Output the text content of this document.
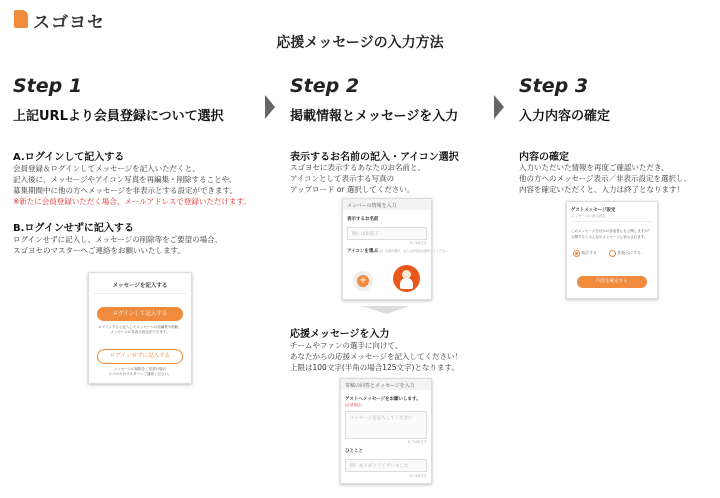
スゴヨセ
応援メッセージの入力方法
Step 1
上記URLより会員登録について選択
Step 2
掲載情報とメッセージを入力
Step 3
入力内容の確定
A.ログインして記入する
会員登録＆ログインしてメッセージを記入いただくと、
記入後に、メッセージやアイコン写真を再編集・削除することや、
募集期間中に他の方へメッセージを非表示とする設定ができます。
※新たに会員登録いただく場合、メールアドレスで登録いただけます。
B.ログインせずに記入する
ログインせずに記入し、メッセージの削除等をご要望の場合、
スゴヨセのマスターへご連絡をお願いいたします。
メッセージを記入する
ログインして記入する
ログインすると記入したメッセージの再編集や削除、
メッセージの非表示設定ができます。
ログインせずに記入する
メッセージの削除をご希望の場合
スゴヨセのマスターへご連絡ください。
表示するお名前の記入・アイコン選択
スゴヨセに表示するあなたのお名前と、
アイコンとして表示する写真の
アップロード or 選択してください。
メンバーの情報を入力
表示するお名前
例）山田花子
0／20文字
アイコンを選ぶ
（任意）写真を選択、または背景色を選択してください
+
応援メッセージを入力
チームやファンの選手に向けて、
あなたからの応援メッセージを記入してください！
上限は100文字(半角の場合125文字)となります。
寄稿の回答とメッセージを入力
ゲストへメッセージをお願いします。
(必須項目)
メッセージを記入してください
0／100文字
ひとこと
例）ありがとうございました
0／20文字
内容の確定
入力いただいた情報を再度ご確認いただき、
他の方へのメッセージ表示／非表示設定を選択し、
内容を確定いただくと、入力は終了となります！
ゲストメッセージ設定
メッセージの表示設定
このメッセージをほかの参加者にも公開しますか？
公開するとみんなのメッセージに表示されます。
表示する	非表示にする
内容を確定する
